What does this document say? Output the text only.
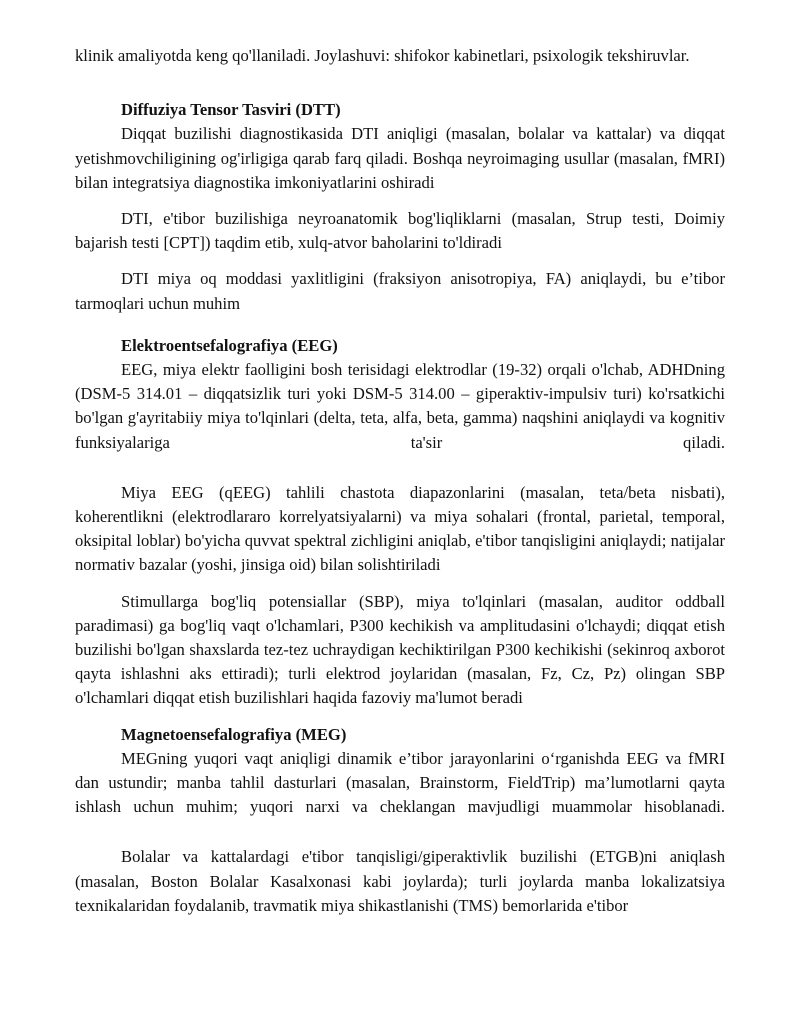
klinik amaliyotda keng qo'llaniladi. Joylashuvi: shifokor kabinetlari, psixologik tekshiruvlar.

Diffuziya Tensor Tasviri (DTT)

Diqqat buzilishi diagnostikasida DTI aniqligi (masalan, bolalar va kattalar) va diqqat yetishmovchiligining og'irligiga qarab farq qiladi. Boshqa neyroimaging usullar (masalan, fMRI) bilan integratsiya diagnostika imkoniyatlarini oshiradi

DTI, e'tibor buzilishiga neyroanatomik bog'liqliklarni (masalan, Strup testi, Doimiy bajarish testi [CPT]) taqdim etib, xulq-atvor baholarini to'ldiradi

DTI miya oq moddasi yaxlitligini (fraksiyon anisotropiya, FA) aniqlaydi, bu e’tibor tarmoqlari uchun muhim

Elektroentsefalografiya (EEG)

EEG, miya elektr faolligini bosh terisidagi elektrodlar (19-32) orqali o'lchab, ADHDning (DSM-5 314.01 – diqqatsizlik turi yoki DSM-5 314.00 – giperaktiv-impulsiv turi) ko'rsatkichi bo'lgan g'ayritabiiy miya to'lqinlari (delta, teta, alfa, beta, gamma) naqshini aniqlaydi va kognitiv funksiyalariga ta'sir qiladi.

Miya EEG (qEEG) tahlili chastota diapazonlarini (masalan, teta/beta nisbati), koherentlikni (elektrodlararo korrelyatsiyalarni) va miya sohalari (frontal, parietal, temporal, oksipital loblar) bo'yicha quvvat spektral zichligini aniqlab, e'tibor tanqisligini aniqlaydi; natijalar normativ bazalar (yoshi, jinsiga oid) bilan solishtiriladi

Stimullarga bog'liq potensiallar (SBP), miya to'lqinlari (masalan, auditor oddball paradimasi) ga bog'liq vaqt o'lchamlari, P300 kechikish va amplitudasini o'lchaydi; diqqat etish buzilishi bo'lgan shaxslarda tez-tez uchraydigan kechiktirilgan P300 kechikishi (sekinroq axborot qayta ishlashni aks ettiradi); turli elektrod joylaridan (masalan, Fz, Cz, Pz) olingan SBP o'lchamlari diqqat etish buzilishlari haqida fazoviy ma'lumot beradi

Magnetoensefalografiya (MEG)

MEGning yuqori vaqt aniqligi dinamik e’tibor jarayonlarini o‘rganishda EEG va fMRI dan ustundir; manba tahlil dasturlari (masalan, Brainstorm, FieldTrip) ma’lumotlarni qayta ishlash uchun muhim; yuqori narxi va cheklangan mavjudligi muammolar hisoblanadi.

Bolalar va kattalardagi e'tibor tanqisligi/giperaktivlik buzilishi (ETGB)ni aniqlash (masalan, Boston Bolalar Kasalxonasi kabi joylarda); turli joylarda manba lokalizatsiya texnikalaridan foydalanib, travmatik miya shikastlanishi (TMS) bemorlarida e'tibor
